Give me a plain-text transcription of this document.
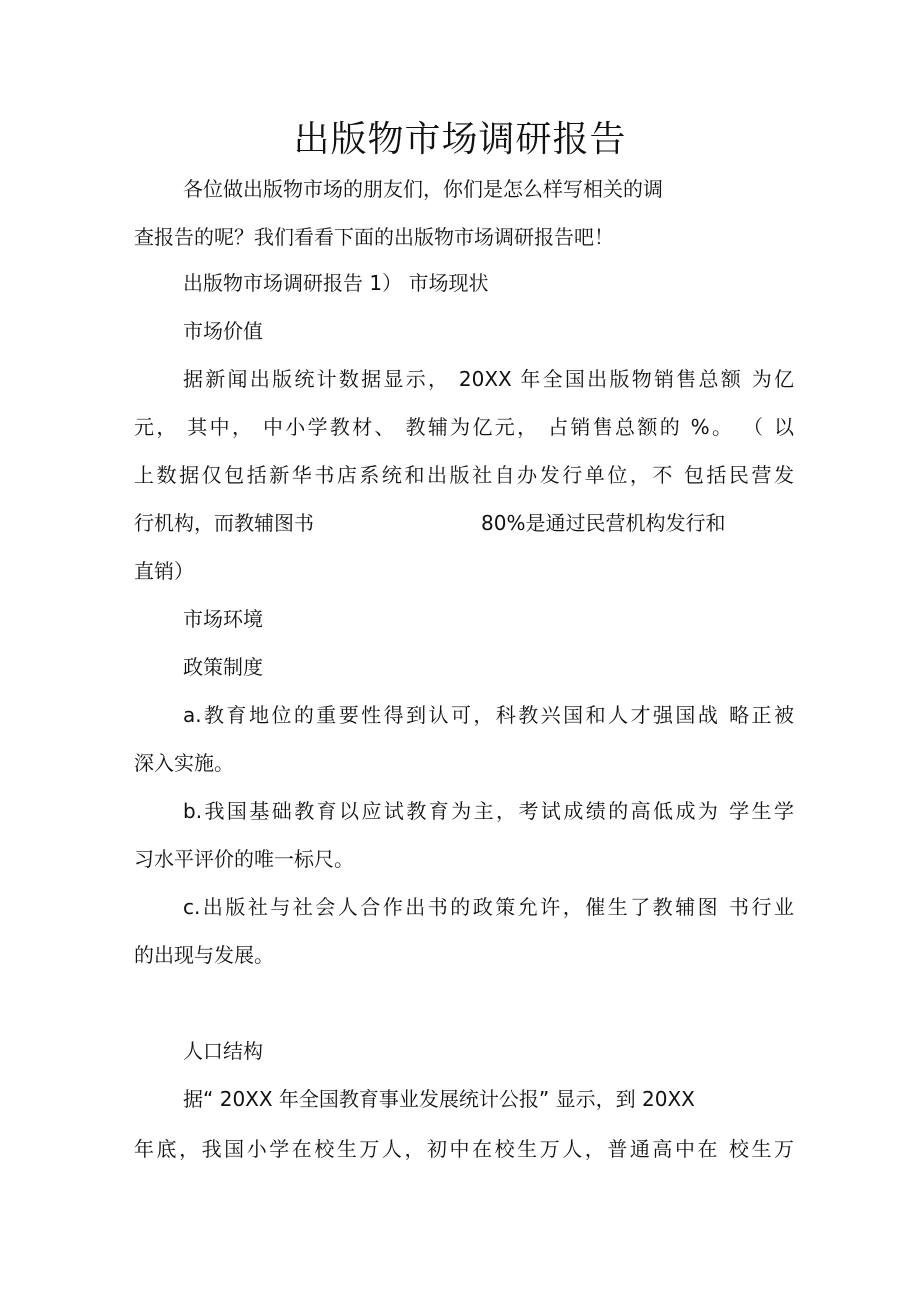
出版物市场调研报告
各位做出版物市场的朋友们，你们是怎么样写相关的调
查报告的呢？我们看看下面的出版物市场调研报告吧！
出版物市场调研报告 1） 市场现状
市场价值
据新闻出版统计数据显示， 20XX 年全国出版物销售总额 为亿
元， 其中， 中小学教材、 教辅为亿元， 占销售总额的 %。 （ 以
上数据仅包括新华书店系统和出版社自办发行单位，不 包括民营发
行机构，而教辅图书	80%是通过民营机构发行和
直销）
市场环境
政策制度
a.教育地位的重要性得到认可，科教兴国和人才强国战 略正被
深入实施。
b.我国基础教育以应试教育为主，考试成绩的高低成为 学生学
习水平评价的唯一标尺。
c.出版社与社会人合作出书的政策允许，催生了教辅图 书行业
的出现与发展。
人口结构
据“ 20XX 年全国教育事业发展统计公报” 显示，到 20XX
年底，我国小学在校生万人，初中在校生万人，普通高中在 校生万
